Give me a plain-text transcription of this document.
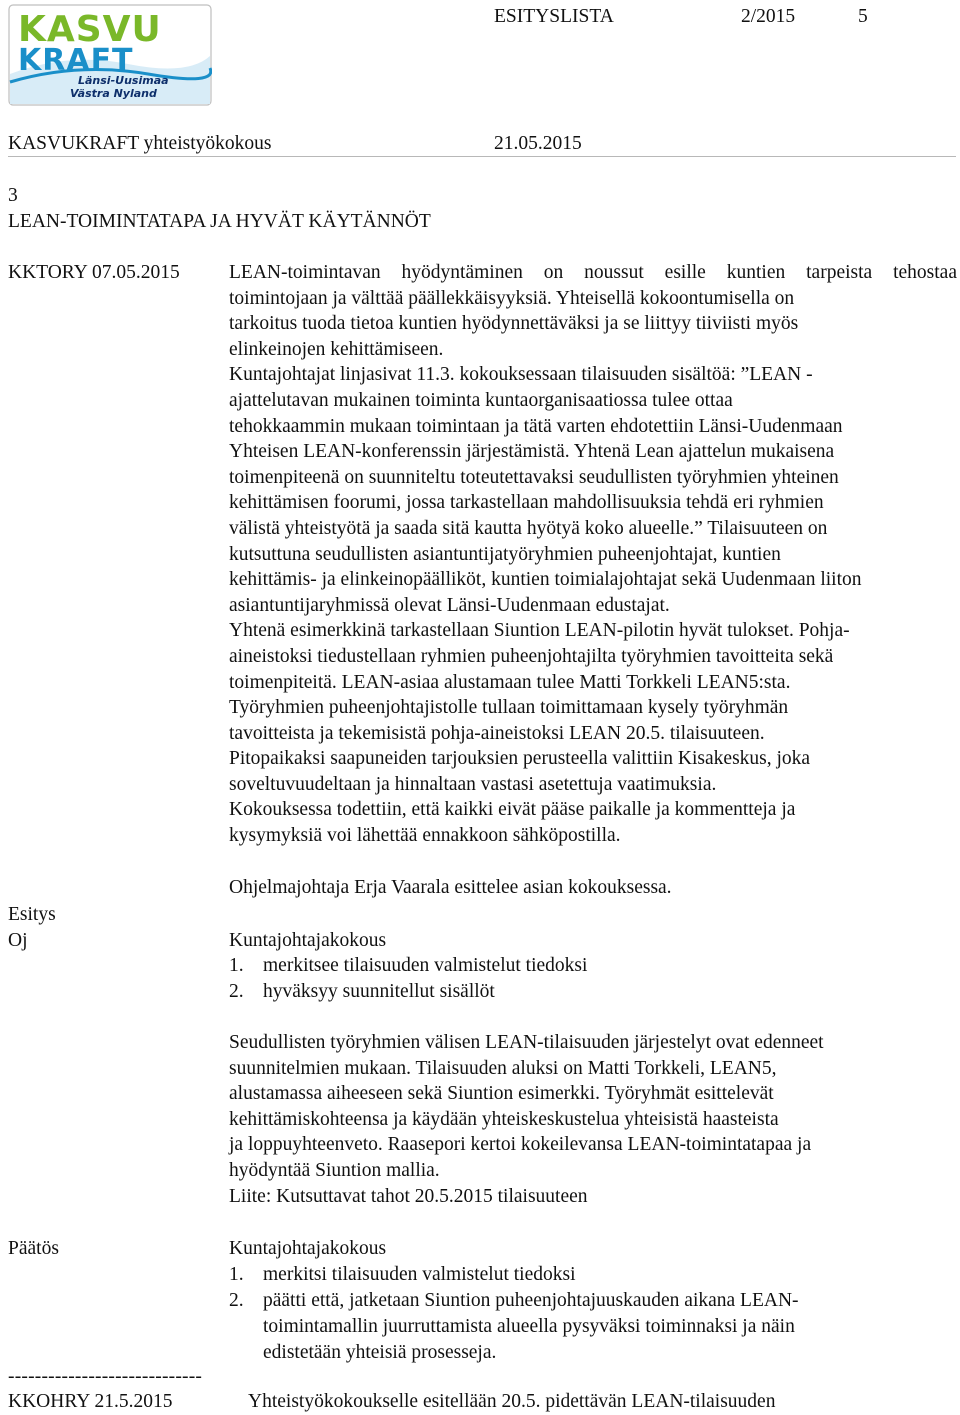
KASVU
KRAFT
Länsi-Uusimaa
Västra Nyland
ESITYSLISTA	2/2015	5
KASVUKRAFT yhteistyökokous	21.05.2015
3
LEAN-TOIMINTATAPA JA HYVÄT KÄYTÄNNÖT
KKTORY 07.05.2015	LEAN-toimintavan hyödyntäminen on noussut esille kuntien tarpeista tehostaa
toimintojaan ja välttää päällekkäisyyksiä. Yhteisellä kokoontumisella on
tarkoitus tuoda tietoa kuntien hyödynnettäväksi ja se liittyy tiiviisti myös
elinkeinojen kehittämiseen.
Kuntajohtajat linjasivat 11.3. kokouksessaan tilaisuuden sisältöä: ”LEAN -
ajattelutavan mukainen toiminta kuntaorganisaatiossa tulee ottaa
tehokkaammin mukaan toimintaan ja tätä varten ehdotettiin Länsi-Uudenmaan
Yhteisen LEAN-konferenssin järjestämistä. Yhtenä Lean ajattelun mukaisena
toimenpiteenä on suunniteltu toteutettavaksi seudullisten työryhmien yhteinen
kehittämisen foorumi, jossa tarkastellaan mahdollisuuksia tehdä eri ryhmien
välistä yhteistyötä ja saada sitä kautta hyötyä koko alueelle.” Tilaisuuteen on
kutsuttuna seudullisten asiantuntijatyöryhmien puheenjohtajat, kuntien
kehittämis- ja elinkeinopäälliköt, kuntien toimialajohtajat sekä Uudenmaan liiton
asiantuntijaryhmissä olevat Länsi-Uudenmaan edustajat.
Yhtenä esimerkkinä tarkastellaan Siuntion LEAN-pilotin hyvät tulokset. Pohja-
aineistoksi tiedustellaan ryhmien puheenjohtajilta työryhmien tavoitteita sekä
toimenpiteitä. LEAN-asiaa alustamaan tulee Matti Torkkeli LEAN5:sta.
Työryhmien puheenjohtajistolle tullaan toimittamaan kysely työryhmän
tavoitteista ja tekemisistä pohja-aineistoksi LEAN 20.5. tilaisuuteen.
Pitopaikaksi saapuneiden tarjouksien perusteella valittiin Kisakeskus, joka
soveltuvuudeltaan ja hinnaltaan vastasi asetettuja vaatimuksia.
Kokouksessa todettiin, että kaikki eivät pääse paikalle ja kommentteja ja
kysymyksiä voi lähettää ennakkoon sähköpostilla.
Ohjelmajohtaja Erja Vaarala esittelee asian kokouksessa.
Esitys
Oj	Kuntajohtajakokous
1. merkitsee tilaisuuden valmistelut tiedoksi
2. hyväksyy suunnitellut sisällöt
Seudullisten työryhmien välisen LEAN-tilaisuuden järjestelyt ovat edenneet
suunnitelmien mukaan. Tilaisuuden aluksi on Matti Torkkeli, LEAN5,
alustamassa aiheeseen sekä Siuntion esimerkki. Työryhmät esittelevät
kehittämiskohteensa ja käydään yhteiskeskustelua yhteisistä haasteista
ja loppuyhteenveto. Raasepori kertoi kokeilevansa LEAN-toimintatapaa ja
hyödyntää Siuntion mallia.
Liite: Kutsuttavat tahot 20.5.2015 tilaisuuteen
Päätös	Kuntajohtajakokous
1. merkitsi tilaisuuden valmistelut tiedoksi
2. päätti että, jatketaan Siuntion puheenjohtajuuskauden aikana LEAN-
toimintamallin juurruttamista alueella pysyväksi toiminnaksi ja näin
edistetään yhteisiä prosesseja.
-----------------------------
KKOHRY 21.5.2015	Yhteistyökokoukselle esitellään 20.5. pidettävän LEAN-tilaisuuden
